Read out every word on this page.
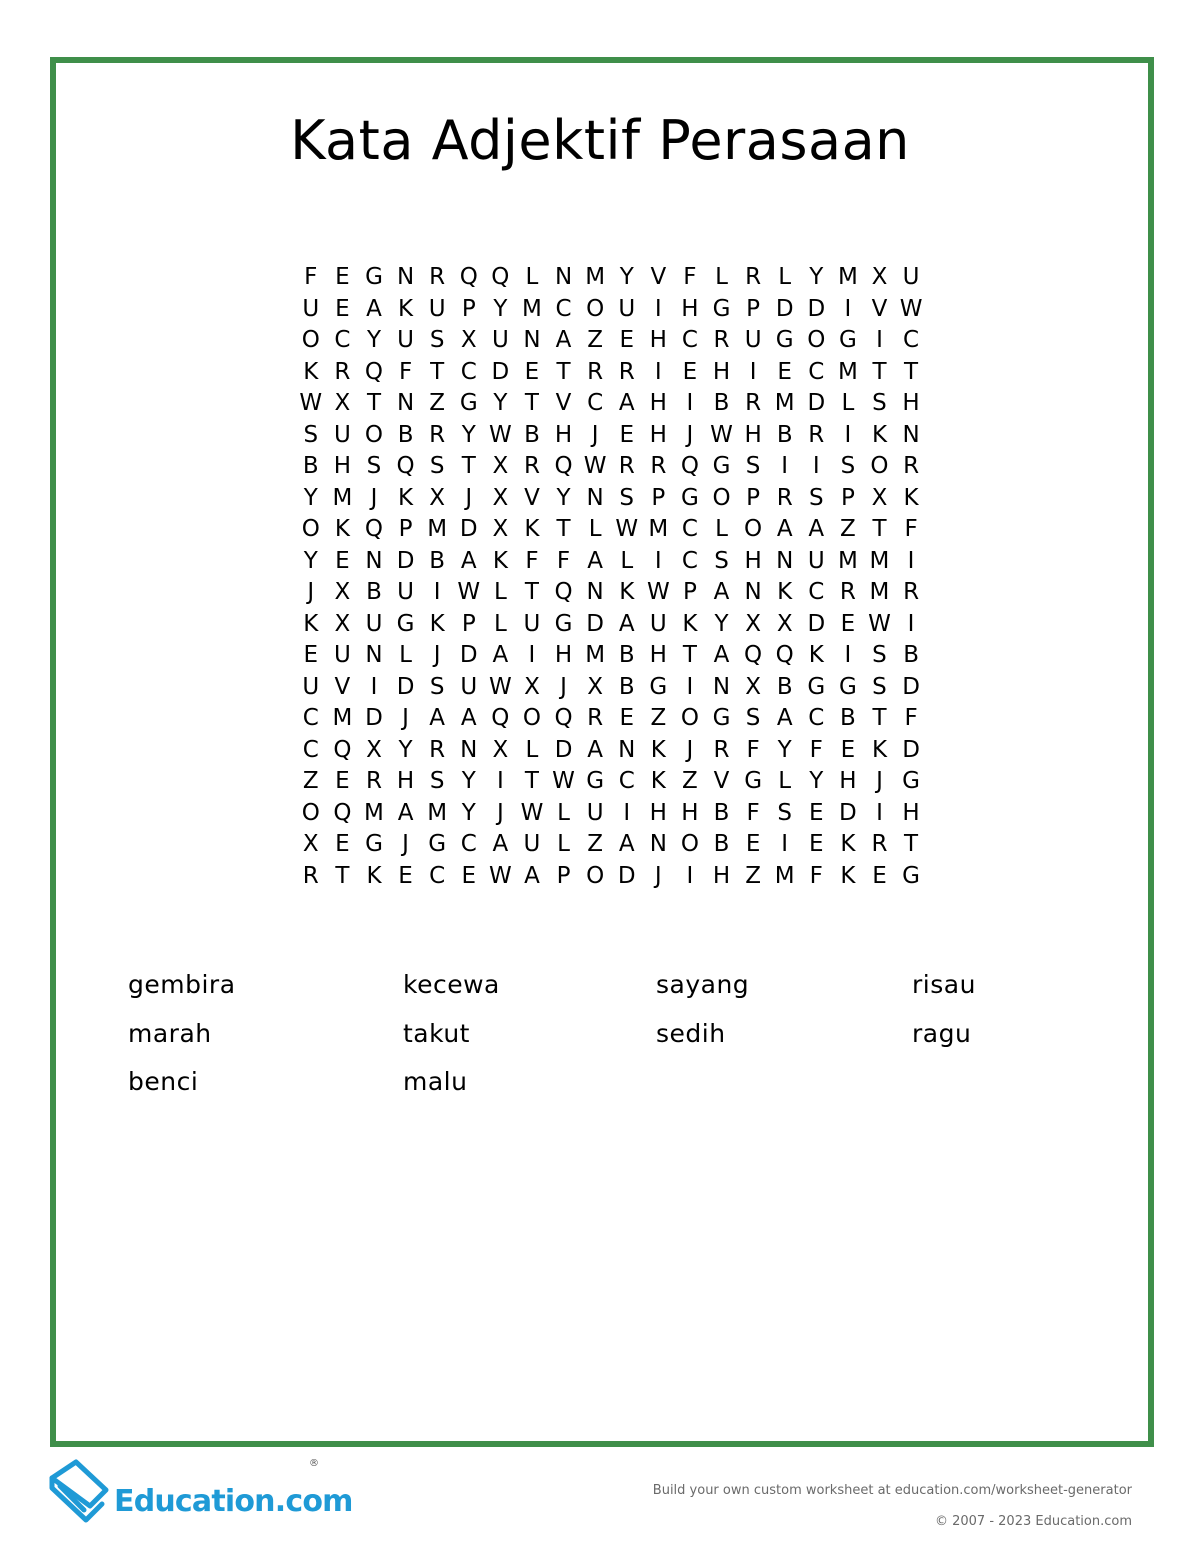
Kata Adjektif Perasaan
F E G N R Q Q L N M Y V F L R L Y M X U
U E A K U P Y M C O U I H G P D D I V W
O C Y U S X U N A Z E H C R U G O G I C
K R Q F T C D E T R R I E H I E C M T T
W X T N Z G Y T V C A H I B R M D L S H
S U O B R Y W B H J E H J W H B R I K N
B H S Q S T X R Q W R R Q G S I	I S O R
Y M J K X J X V Y N S P G O P R S P X K
O K Q P M D X K T L W M C L O A A Z T F
Y E N D B A K F F A L I C S H N U M M I
J X B U I W L T Q N K W P A N K C R M R
K X U G K P L U G D A U K Y X X D E W I
E U N L J D A I H M B H T A Q Q K I S B
U V I D S U W X J X B G I N X B G G S D
C M D J A A Q O Q R E Z O G S A C B T F
C Q X Y R N X L D A N K J R F Y F E K D
Z E R H S Y I T W G C K Z V G L Y H J G
O Q M A M Y J W L U I H H B F S E D I H
X E G J G C A U L Z A N O B E I E K R T
R T K E C E W A P O D J	I H Z M F K E G
gembira	kecewa	sayang	risau
marah	takut	sedih	ragu
benci	malu
Education.com
®
Build your own custom worksheet at education.com/worksheet-generator
© 2007 - 2023 Education.com
